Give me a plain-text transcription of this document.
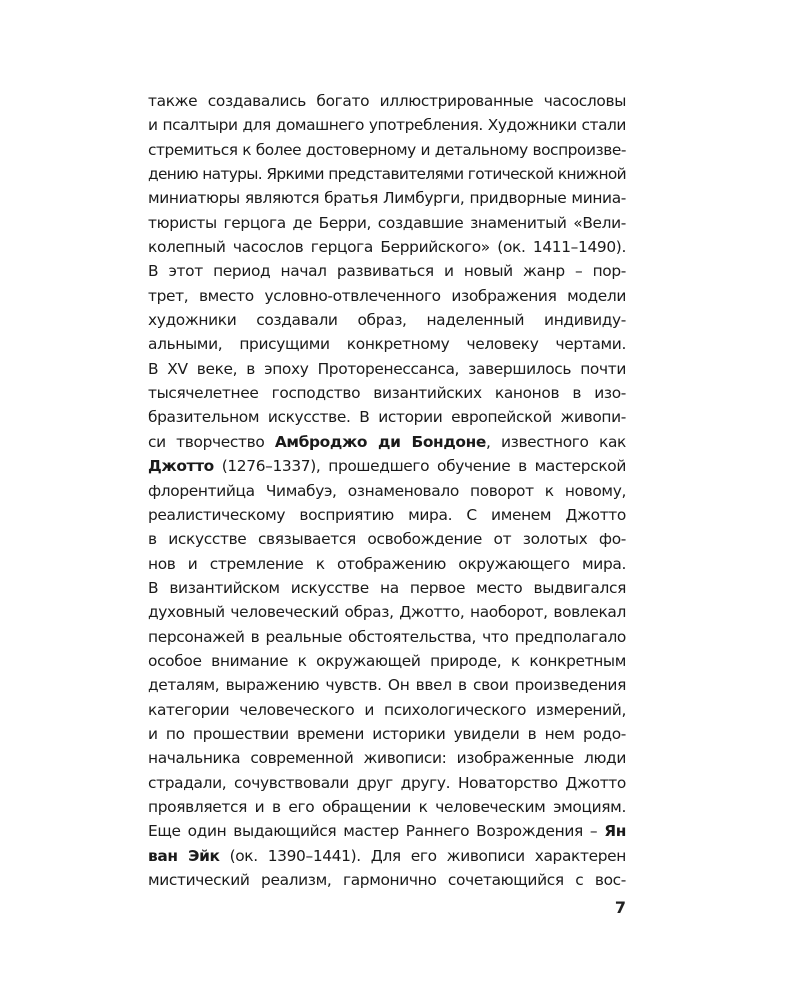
также создавались богато иллюстрированные часословы
и псалтыри для домашнего употребления. Художники стали
стремиться к более достоверному и детальному воспроизве-
дению натуры. Яркими представителями готической книжной
миниатюры являются братья Лимбурги, придворные миниа-
тюристы герцога де Берри, создавшие знаменитый «Вели-
колепный часослов герцога Беррийского» (ок. 1411–1490).
В этот период начал развиваться и новый жанр – пор-
трет, вместо условно-отвлеченного изображения модели
художники создавали образ, наделенный индивиду-
альными, присущими конкретному человеку чертами.
В XV веке, в эпоху Проторенессанса, завершилось почти
тысячелетнее господство византийских канонов в изо-
бразительном искусстве. В истории европейской живопи-
си творчество Амброджо ди Бондоне, известного как
Джотто (1276–1337), прошедшего обучение в мастерской
флорентийца Чимабуэ, ознаменовало поворот к новому,
реалистическому восприятию мира. С именем Джотто
в искусстве связывается освобождение от золотых фо-
нов и стремление к отображению окружающего мира.
В византийском искусстве на первое место выдвигался
духовный человеческий образ, Джотто, наоборот, вовлекал
персонажей в реальные обстоятельства, что предполагало
особое внимание к окружающей природе, к конкретным
деталям, выражению чувств. Он ввел в свои произведения
категории человеческого и психологического измерений,
и по прошествии времени историки увидели в нем родо-
начальника современной живописи: изображенные люди
страдали, сочувствовали друг другу. Новаторство Джотто
проявляется и в его обращении к человеческим эмоциям.
Еще один выдающийся мастер Раннего Возрождения – Ян
ван Эйк (ок. 1390–1441). Для его живописи характерен
мистический реализм, гармонично сочетающийся с вос-
7
